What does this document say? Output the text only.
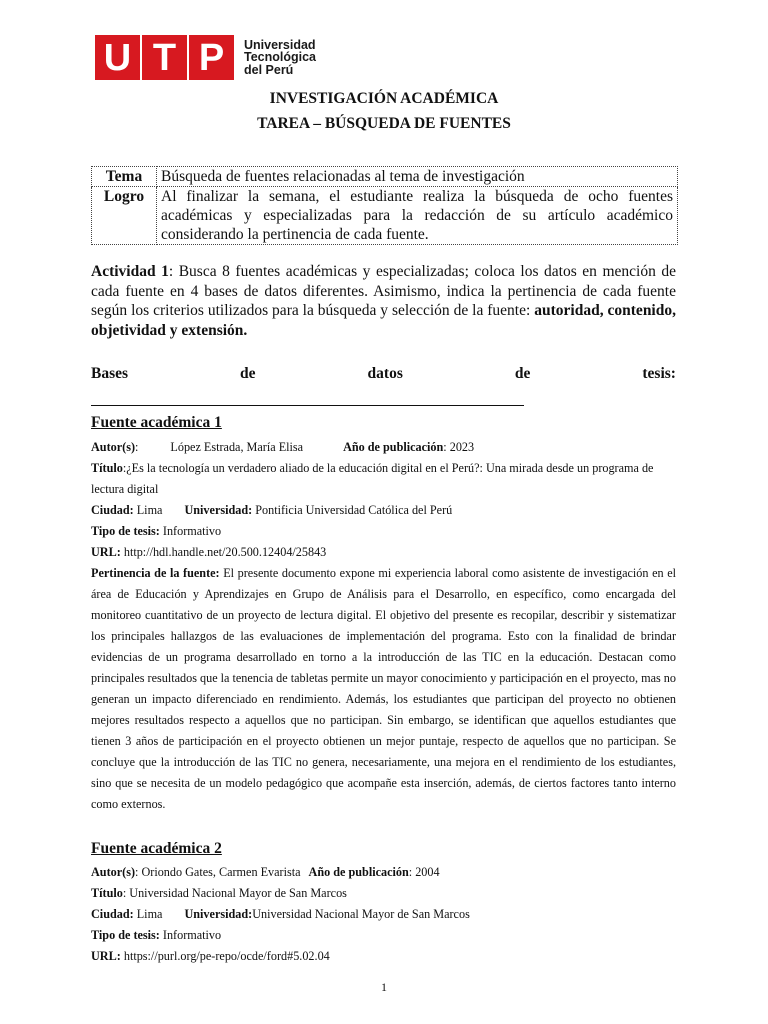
U T P	Universidad
Tecnológica
del Perú
INVESTIGACIÓN ACADÉMICA
TAREA – BÚSQUEDA DE FUENTES
Tema	Búsqueda de fuentes relacionadas al tema de investigación
Logro	Al finalizar la semana, el estudiante realiza la búsqueda de ocho fuentes académicas y especializadas para la redacción de su artículo académico considerando la pertinencia de cada fuente.
Actividad 1: Busca 8 fuentes académicas y especializadas; coloca los datos en mención de cada fuente en 4 bases de datos diferentes. Asimismo, indica la pertinencia de cada fuente según los criterios utilizados para la búsqueda y selección de la fuente: autoridad, contenido, objetividad y extensión.
Bases	de	datos	de	tesis:
Fuente académica 1
Autor(s):	López Estrada, María Elisa	Año de publicación: 2023
Título:¿Es la tecnología un verdadero aliado de la educación digital en el Perú?: Una mirada desde un programa de lectura digital
Ciudad: Lima Universidad: Pontificia Universidad Católica del Perú
Tipo de tesis: Informativo
URL: http://hdl.handle.net/20.500.12404/25843
Pertinencia de la fuente: El presente documento expone mi experiencia laboral como asistente de investigación en el área de Educación y Aprendizajes en Grupo de Análisis para el Desarrollo, en específico, como encargada del monitoreo cuantitativo de un proyecto de lectura digital. El objetivo del presente es recopilar, describir y sistematizar los principales hallazgos de las evaluaciones de implementación del programa. Esto con la finalidad de brindar evidencias de un programa desarrollado en torno a la introducción de las TIC en la educación. Destacan como principales resultados que la tenencia de tabletas permite un mayor conocimiento y participación en el proyecto, mas no generan un impacto diferenciado en rendimiento. Además, los estudiantes que participan del proyecto no obtienen mejores resultados respecto a aquellos que no participan. Sin embargo, se identifican que aquellos estudiantes que tienen 3 años de participación en el proyecto obtienen un mejor puntaje, respecto de aquellos que no participan. Se concluye que la introducción de las TIC no genera, necesariamente, una mejora en el rendimiento de los estudiantes, sino que se necesita de un modelo pedagógico que acompañe esta inserción, además, de ciertos factores tanto interno como externos.
Fuente académica 2
Autor(s): Oriondo Gates, Carmen Evarista Año de publicación: 2004
Título: Universidad Nacional Mayor de San Marcos
Ciudad: Lima Universidad:Universidad Nacional Mayor de San Marcos
Tipo de tesis: Informativo
URL: https://purl.org/pe-repo/ocde/ford#5.02.04
1
